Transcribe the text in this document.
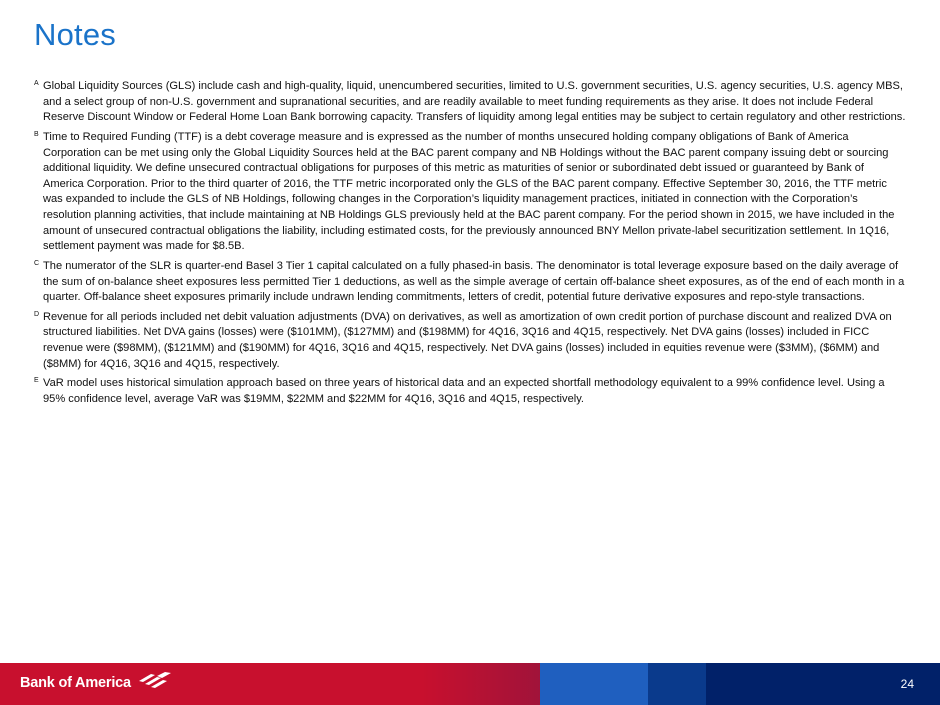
Notes
A Global Liquidity Sources (GLS) include cash and high-quality, liquid, unencumbered securities, limited to U.S. government securities, U.S. agency securities, U.S. agency MBS, and a select group of non-U.S. government and supranational securities, and are readily available to meet funding requirements as they arise. It does not include Federal Reserve Discount Window or Federal Home Loan Bank borrowing capacity. Transfers of liquidity among legal entities may be subject to certain regulatory and other restrictions.
B Time to Required Funding (TTF) is a debt coverage measure and is expressed as the number of months unsecured holding company obligations of Bank of America Corporation can be met using only the Global Liquidity Sources held at the BAC parent company and NB Holdings without the BAC parent company issuing debt or sourcing additional liquidity. We define unsecured contractual obligations for purposes of this metric as maturities of senior or subordinated debt issued or guaranteed by Bank of America Corporation. Prior to the third quarter of 2016, the TTF metric incorporated only the GLS of the BAC parent company. Effective September 30, 2016, the TTF metric was expanded to include the GLS of NB Holdings, following changes in the Corporation’s liquidity management practices, initiated in connection with the Corporation’s resolution planning activities, that include maintaining at NB Holdings GLS previously held at the BAC parent company. For the period shown in 2015, we have included in the amount of unsecured contractual obligations the liability, including estimated costs, for the previously announced BNY Mellon private-label securitization settlement. In 1Q16, settlement payment was made for $8.5B.
C The numerator of the SLR is quarter-end Basel 3 Tier 1 capital calculated on a fully phased-in basis. The denominator is total leverage exposure based on the daily average of the sum of on-balance sheet exposures less permitted Tier 1 deductions, as well as the simple average of certain off-balance sheet exposures, as of the end of each month in a quarter. Off-balance sheet exposures primarily include undrawn lending commitments, letters of credit, potential future derivative exposures and repo-style transactions.
D Revenue for all periods included net debit valuation adjustments (DVA) on derivatives, as well as amortization of own credit portion of purchase discount and realized DVA on structured liabilities. Net DVA gains (losses) were ($101MM), ($127MM) and ($198MM) for 4Q16, 3Q16 and 4Q15, respectively. Net DVA gains (losses) included in FICC revenue were ($98MM), ($121MM) and ($190MM) for 4Q16, 3Q16 and 4Q15, respectively. Net DVA gains (losses) included in equities revenue were ($3MM), ($6MM) and ($8MM) for 4Q16, 3Q16 and 4Q15, respectively.
E VaR model uses historical simulation approach based on three years of historical data and an expected shortfall methodology equivalent to a 99% confidence level. Using a 95% confidence level, average VaR was $19MM, $22MM and $22MM for 4Q16, 3Q16 and 4Q15, respectively.
Bank of America	24
